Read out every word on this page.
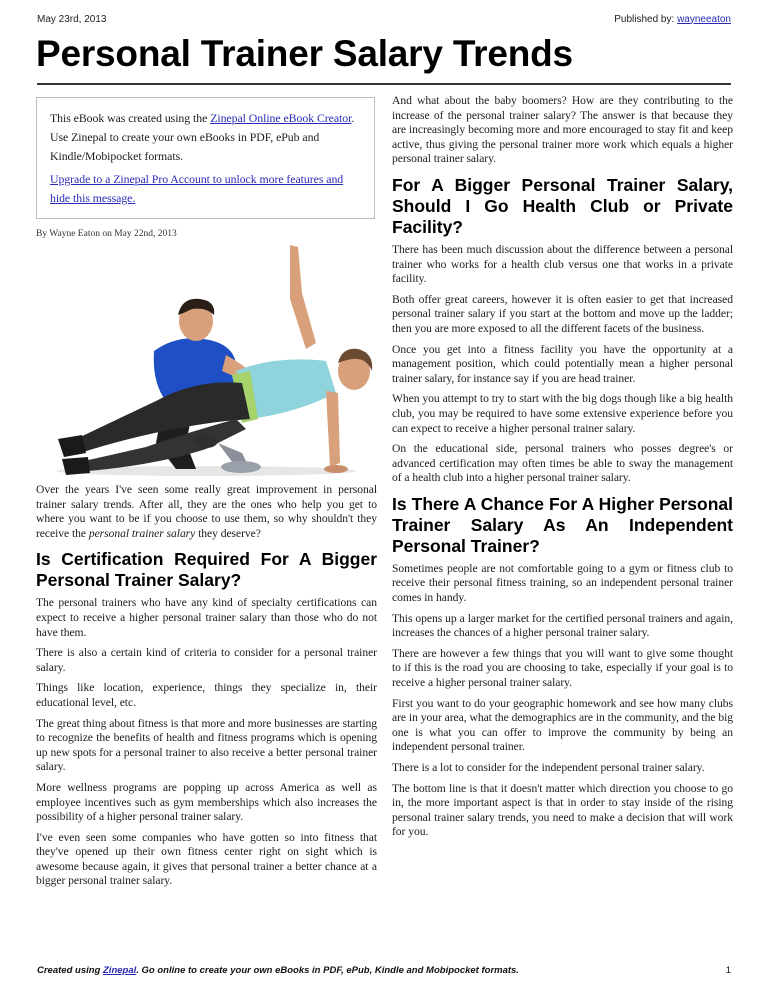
May 23rd, 2013	Published by: wayneeaton
Personal Trainer Salary Trends

This eBook was created using the Zinepal Online eBook Creator. Use Zinepal to create your own eBooks in PDF, ePub and Kindle/Mobipocket formats.

Upgrade to a Zinepal Pro Account to unlock more features and hide this message.

By Wayne Eaton on May 22nd, 2013

Over the years I've seen some really great improvement in personal trainer salary trends. After all, they are the ones who help you get to where you want to be if you choose to use them, so why shouldn't they receive the personal trainer salary they deserve?

Is Certification Required For A Bigger Personal Trainer Salary?

The personal trainers who have any kind of specialty certifications can expect to receive a higher personal trainer salary than those who do not have them.

There is also a certain kind of criteria to consider for a personal trainer salary.

Things like location, experience, things they specialize in, their educational level, etc.

The great thing about fitness is that more and more businesses are starting to recognize the benefits of health and fitness programs which is opening up new spots for a personal trainer to also receive a better personal trainer salary.

More wellness programs are popping up across America as well as employee incentives such as gym memberships which also increases the possibility of a higher personal trainer salary.

I've even seen some companies who have gotten so into fitness that they've opened up their own fitness center right on sight which is awesome because again, it gives that personal trainer a better chance at a bigger personal trainer salary.

And what about the baby boomers? How are they contributing to the increase of the personal trainer salary? The answer is that because they are increasingly becoming more and more encouraged to stay fit and keep active, thus giving the personal trainer more work which equals a higher personal trainer salary.

For A Bigger Personal Trainer Salary, Should I Go Health Club or Private Facility?

There has been much discussion about the difference between a personal trainer who works for a health club versus one that works in a private facility.

Both offer great careers, however it is often easier to get that increased personal trainer salary if you start at the bottom and move up the ladder; then you are more exposed to all the different facets of the business.

Once you get into a fitness facility you have the opportunity at a management position, which could potentially mean a higher personal trainer salary, for instance say if you are head trainer.

When you attempt to try to start with the big dogs though like a big health club, you may be required to have some extensive experience before you can expect to receive a higher personal trainer salary.

On the educational side, personal trainers who posses degree's or advanced certification may often times be able to sway the management of a health club into a higher personal trainer salary.

Is There A Chance For A Higher Personal Trainer Salary As An Independent Personal Trainer?

Sometimes people are not comfortable going to a gym or fitness club to receive their personal fitness training, so an independent personal trainer comes in handy.

This opens up a larger market for the certified personal trainers and again, increases the chances of a higher personal trainer salary.

There are however a few things that you will want to give some thought to if this is the road you are choosing to take, especially if your goal is to receive a higher personal trainer salary.

First you want to do your geographic homework and see how many clubs are in your area, what the demographics are in the community, and the big one is what you can offer to improve the community by being an independent personal trainer.

There is a lot to consider for the independent personal trainer salary.

The bottom line is that it doesn't matter which direction you choose to go in, the more important aspect is that in order to stay inside of the rising personal trainer salary trends, you need to make a decision that will work for you.

Created using Zinepal. Go online to create your own eBooks in PDF, ePub, Kindle and Mobipocket formats.	1
